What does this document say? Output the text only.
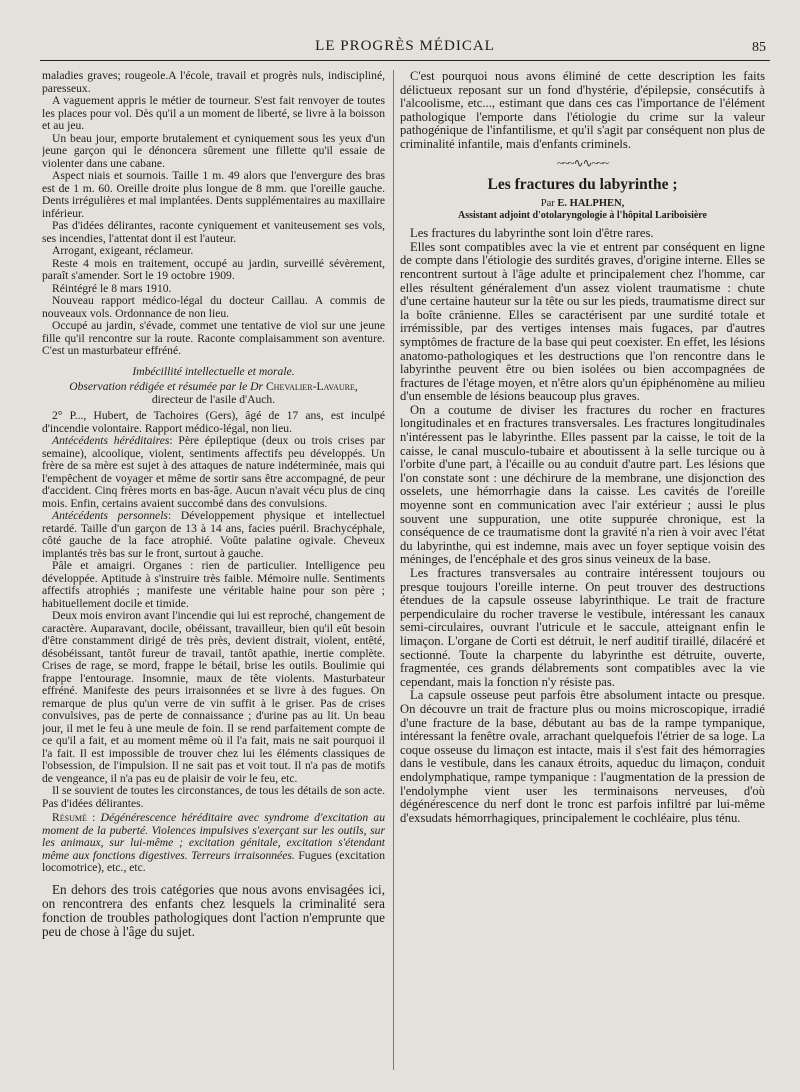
LE PROGRÈS MÉDICAL	85

maladies graves; rougeole.A l'école, travail et progrès nuls, indiscipliné, paresseux.

A vaguement appris le métier de tourneur. S'est fait renvoyer de toutes les places pour vol. Dès qu'il a un moment de liberté, se livre à la boisson et au jeu.

Un beau jour, emporte brutalement et cyniquement sous les yeux d'un jeune garçon qui le dénoncera sûrement une fillette qu'il essaie de violenter dans une cabane.

Aspect niais et sournois. Taille 1 m. 49 alors que l'envergure des bras est de 1 m. 60. Oreille droite plus longue de 8 mm. que l'oreille gauche. Dents irrégulières et mal implantées. Dents supplémentaires au maxillaire inférieur.

Pas d'idées délirantes, raconte cyniquement et vaniteusement ses vols, ses incendies, l'attentat dont il est l'auteur.

Arrogant, exigeant, réclameur.

Reste 4 mois en traitement, occupé au jardin, surveillé sévèrement, paraît s'amender. Sort le 19 octobre 1909.

Réintégré le 8 mars 1910.

Nouveau rapport médico-légal du docteur Caillau. A commis de nouveaux vols. Ordonnance de non lieu.

Occupé au jardin, s'évade, commet une tentative de viol sur une jeune fille qu'il rencontre sur la route. Raconte complaisamment son aventure. C'est un masturbateur effréné.

Imbécillité intellectuelle et morale.

Observation rédigée et résumée par le Dr Chevalier-Lavaure,

directeur de l'asile d'Auch.

2° P..., Hubert, de Tachoires (Gers), âgé de 17 ans, est inculpé d'incendie volontaire. Rapport médico-légal, non lieu.

Antécédents héréditaires: Père épileptique (deux ou trois crises par semaine), alcoolique, violent, sentiments affectifs peu développés. Un frère de sa mère est sujet à des attaques de nature indéterminée, mais qui l'empêchent de voyager et même de sortir sans être accompagné, de peur d'accident. Cinq frères morts en bas-âge. Aucun n'avait vécu plus de cinq mois. Enfin, certains avaient succombé dans des convulsions.

Antécédents personnels: Développement physique et intellectuel retardé. Taille d'un garçon de 13 à 14 ans, facies puéril. Brachycéphale, côté gauche de la face atrophié. Voûte palatine ogivale. Cheveux implantés très bas sur le front, surtout à gauche.

Pâle et amaigri. Organes : rien de particulier. Intelligence peu développée. Aptitude à s'instruire très faible. Mémoire nulle. Sentiments affectifs atrophiés ; manifeste une véritable haine pour son père ; habituellement docile et timide.

Deux mois environ avant l'incendie qui lui est reproché, changement de caractère. Auparavant, docile, obéissant, travailleur, bien qu'il eût besoin d'être constamment dirigé de très près, devient distrait, violent, entêté, désobéissant, tantôt fureur de travail, tantôt apathie, inertie complète. Crises de rage, se mord, frappe le bétail, brise les outils. Boulimie qui frappe l'entourage. Insomnie, maux de tête violents. Masturbateur effréné. Manifeste des peurs irraisonnées et se livre à des fugues. On remarque de plus qu'un verre de vin suffit à le griser. Pas de crises convulsives, pas de perte de connaissance ; d'urine pas au lit. Un beau jour, il met le feu à une meule de foin. Il se rend parfaitement compte de ce qu'il a fait, et au moment même où il l'a fait, mais ne sait pourquoi il l'a fait. Il est impossible de trouver chez lui les éléments classiques de l'obsession, de l'impulsion. Il ne sait pas et voit tout. Il n'a pas de motifs de vengeance, il n'a pas eu de plaisir de voir le feu, etc.

Il se souvient de toutes les circonstances, de tous les détails de son acte. Pas d'idées délirantes.

Résumé : Dégénérescence héréditaire avec syndrome d'excitation au moment de la puberté. Violences impulsives s'exerçant sur les outils, sur les animaux, sur lui-même ; excitation génitale, excitation s'étendant même aux fonctions digestives. Terreurs irraisonnées. Fugues (excitation locomotrice), etc., etc.

En dehors des trois catégories que nous avons envisagées ici, on rencontrera des enfants chez lesquels la criminalité sera fonction de troubles pathologiques dont l'action n'emprunte que peu de chose à l'âge du sujet.

C'est pourquoi nous avons éliminé de cette description les faits délictueux reposant sur un fond d'hystérie, d'épilepsie, consécutifs à l'alcoolisme, etc..., estimant que dans ces cas l'importance de l'élément pathologique l'emporte dans l'étiologie du crime sur la valeur pathogénique de l'infantilisme, et qu'il s'agit par conséquent non plus de criminalité infantile, mais d'enfants criminels.

~~~∿∿~~~
Les fractures du labyrinthe ;
Par E. HALPHEN,
Assistant adjoint d'otolaryngologie à l'hôpital Lariboisière

Les fractures du labyrinthe sont loin d'être rares.

Elles sont compatibles avec la vie et entrent par conséquent en ligne de compte dans l'étiologie des surdités graves, d'origine interne. Elles se rencontrent surtout à l'âge adulte et principalement chez l'homme, car elles résultent généralement d'un assez violent traumatisme : chute d'une certaine hauteur sur la tête ou sur les pieds, traumatisme direct sur la boîte crânienne. Elles se caractérisent par une surdité totale et irrémissible, par des vertiges intenses mais fugaces, par d'autres symptômes de fracture de la base qui peut coexister. En effet, les lésions anatomo-pathologiques et les destructions que l'on rencontre dans le labyrinthe peuvent être ou bien isolées ou bien accompagnées de fractures de l'étage moyen, et n'être alors qu'un épiphénomène au milieu d'un ensemble de lésions beaucoup plus graves.

On a coutume de diviser les fractures du rocher en fractures longitudinales et en fractures transversales. Les fractures longitudinales n'intéressent pas le labyrinthe. Elles passent par la caisse, le toit de la caisse, le canal musculo-tubaire et aboutissent à la selle turcique ou à l'orbite d'une part, à l'écaille ou au conduit d'autre part. Les lésions que l'on constate sont : une déchirure de la membrane, une disjonction des osselets, une hémorrhagie dans la caisse. Les cavités de l'oreille moyenne sont en communication avec l'air extérieur ; aussi le plus souvent une suppuration, une otite suppurée chronique, est la conséquence de ce traumatisme dont la gravité n'a rien à voir avec l'état du labyrinthe, qui est indemne, mais avec un foyer septique voisin des méninges, de l'encéphale et des gros sinus veineux de la base.

Les fractures transversales au contraire intéressent toujours ou presque toujours l'oreille interne. On peut trouver des destructions étendues de la capsule osseuse labyrinthique. Le trait de fracture perpendiculaire du rocher traverse le vestibule, intéressant les canaux semi-circulaires, ouvrant l'utricule et le saccule, atteignant enfin le limaçon. L'organe de Corti est détruit, le nerf auditif tiraillé, dilacéré et sectionné. Toute la charpente du labyrinthe est détruite, ouverte, fragmentée, ces grands délabrements sont compatibles avec la vie cependant, mais la fonction n'y résiste pas.

La capsule osseuse peut parfois être absolument intacte ou presque. On découvre un trait de fracture plus ou moins microscopique, irradié d'une fracture de la base, débutant au bas de la rampe tympanique, intéressant la fenêtre ovale, arrachant quelquefois l'étrier de sa loge. La coque osseuse du limaçon est intacte, mais il s'est fait des hémorragies dans le vestibule, dans les canaux étroits, aqueduc du limaçon, conduit endolymphatique, rampe tympanique : l'augmentation de la pression de l'endolymphe vient user les terminaisons nerveuses, d'où dégénérescence du nerf dont le tronc est parfois infiltré par lui-même d'exsudats hémorrhagiques, principalement le cochléaire, plus ténu.
